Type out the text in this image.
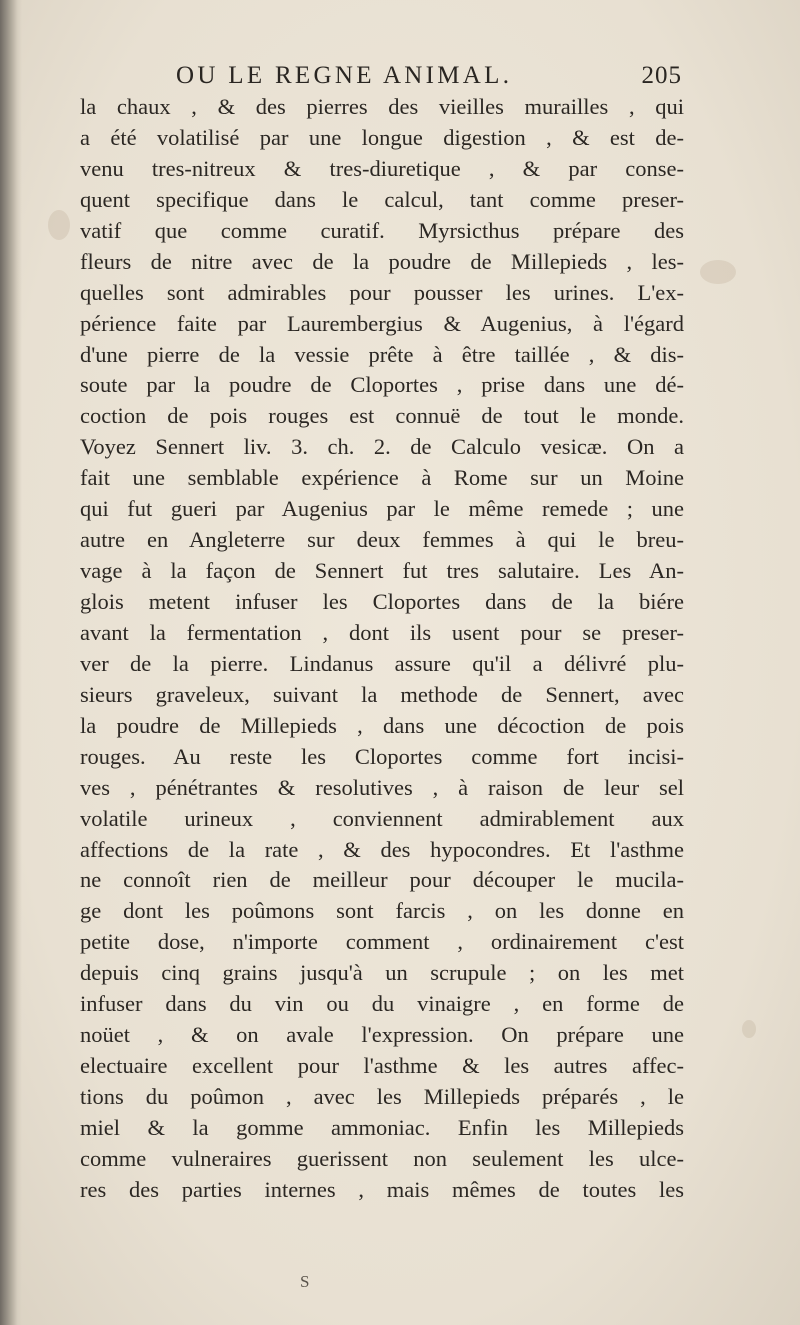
OU LE REGNE ANIMAL.	205
la chaux , & des pierres des vieilles murailles , qui
a été volatilisé par une longue digestion , & est de-
venu tres-nitreux & tres-diuretique , & par conse-
quent specifique dans le calcul, tant comme preser-
vatif que comme curatif. Myrsicthus prépare des
fleurs de nitre avec de la poudre de Millepieds , les-
quelles sont admirables pour pousser les urines. L'ex-
périence faite par Laurembergius & Augenius, à l'égard
d'une pierre de la vessie prête à être taillée , & dis-
soute par la poudre de Cloportes , prise dans une dé-
coction de pois rouges est connuë de tout le monde.
Voyez Sennert liv. 3. ch. 2. de Calculo vesicæ. On a
fait une semblable expérience à Rome sur un Moine
qui fut gueri par Augenius par le même remede ; une
autre en Angleterre sur deux femmes à qui le breu-
vage à la façon de Sennert fut tres salutaire. Les An-
glois metent infuser les Cloportes dans de la biére
avant la fermentation , dont ils usent pour se preser-
ver de la pierre. Lindanus assure qu'il a délivré plu-
sieurs graveleux, suivant la methode de Sennert, avec
la poudre de Millepieds , dans une décoction de pois
rouges. Au reste les Cloportes comme fort incisi-
ves , pénétrantes & resolutives , à raison de leur sel
volatile urineux , conviennent admirablement aux
affections de la rate , & des hypocondres. Et l'asthme
ne connoît rien de meilleur pour découper le mucila-
ge dont les poûmons sont farcis , on les donne en
petite dose, n'importe comment , ordinairement c'est
depuis cinq grains jusqu'à un scrupule ; on les met
infuser dans du vin ou du vinaigre , en forme de
noüet , & on avale l'expression. On prépare une
electuaire excellent pour l'asthme & les autres affec-
tions du poûmon , avec les Millepieds préparés , le
miel & la gomme ammoniac. Enfin les Millepieds
comme vulneraires guerissent non seulement les ulce-
res des parties internes , mais mêmes de toutes les
S
